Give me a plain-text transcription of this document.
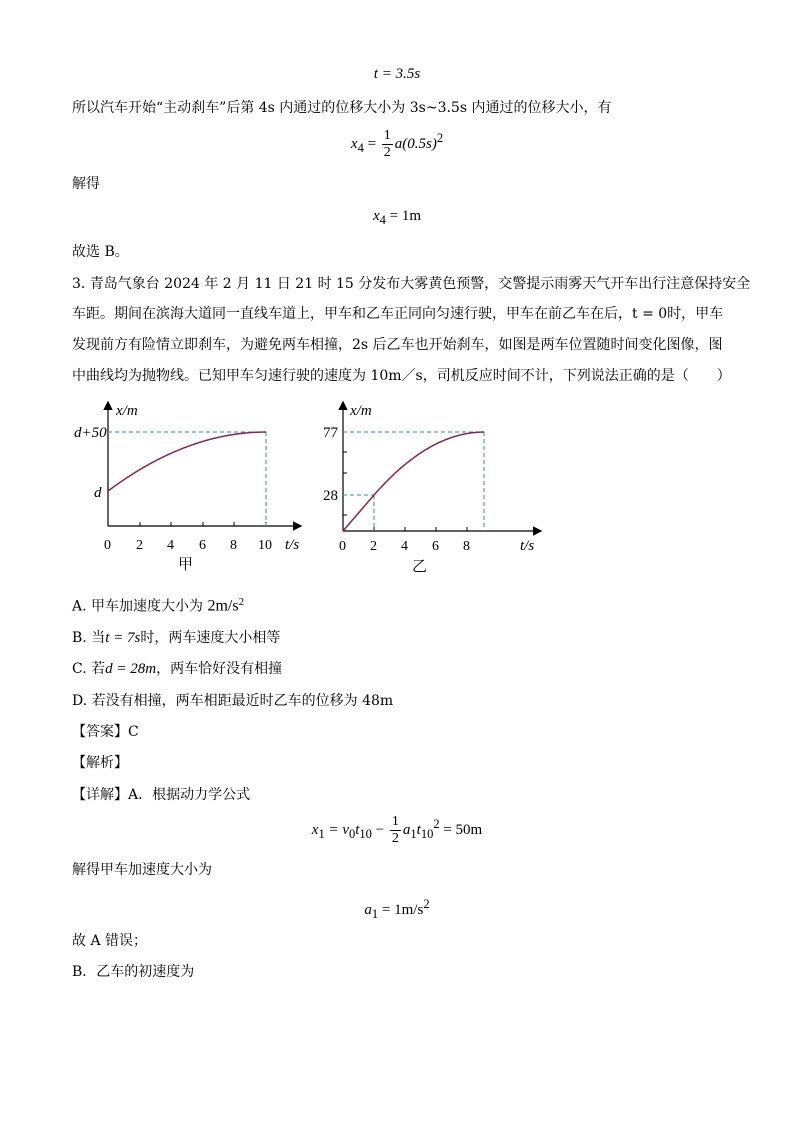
t = 3.5s
所以汽车开始“主动刹车”后第 4s 内通过的位移大小为 3s~3.5s 内通过的位移大小，有
$x_4 = \frac{1}{2} a(0.5s)^2$
解得
$x_4 = 1m$
故选 B。
3. 青岛气象台 2024 年 2 月 11 日 21 时 15 分发布大雾黄色预警，交警提示雨雾天气开车出行注意保持安全
车距。期间在滨海大道同一直线车道上，甲车和乙车正同向匀速行驶，甲车在前乙车在后，t = 0时，甲车
发现前方有险情立即刹车，为避免两车相撞，2s 后乙车也开始刹车，如图是两车位置随时间变化图像，图
中曲线均为抛物线。已知甲车匀速行驶的速度为 10m／s，司机反应时间不计，下列说法正确的是（　　）
x/m
t/s
d+50
d
0 2 4 6 8 10
甲
x/m
t/s
77
28
0 2 4 6 8
乙
A. 甲车加速度大小为 $2m/s^2$
B. 当t = 7s时，两车速度大小相等
C. 若d = 28m，两车恰好没有相撞
D. 若没有相撞，两车相距最近时乙车的位移为 48m
【答案】C
【解析】
【详解】A．根据动力学公式
$x_1 = v_0t_{10} - \frac{1}{2} a_1t_{10}^2 = 50m$
解得甲车加速度大小为
$a_1 = 1m/s^2$
故 A 错误；
B．乙车的初速度为
